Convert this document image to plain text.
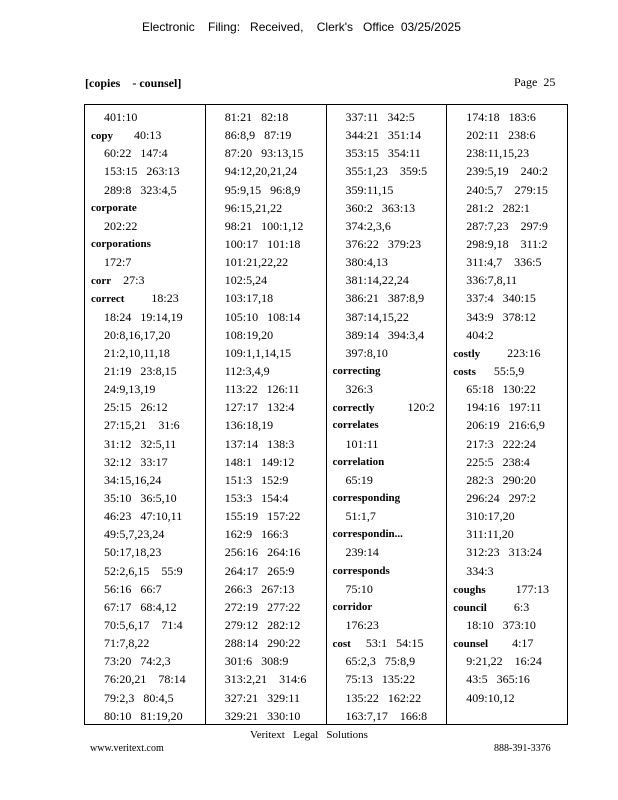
Electronic    Filing:   Received,    Clerk's   Office  03/25/2025
[copies    - counsel]	Page  25
401:10
copy       40:13
60:22   147:4
153:15   263:13
289:8   323:4,5
corporate
202:22
corporations
172:7
corr    27:3
correct         18:23
18:24   19:14,19
20:8,16,17,20
21:2,10,11,18
21:19   23:8,15
24:9,13,19
25:15   26:12
27:15,21    31:6
31:12   32:5,11
32:12   33:17
34:15,16,24
35:10   36:5,10
46:23   47:10,11
49:5,7,23,24
50:17,18,23
52:2,6,15    55:9
56:16   66:7
67:17   68:4,12
70:5,6,17    71:4
71:7,8,22
73:20   74:2,3
76:20,21    78:14
79:2,3   80:4,5
80:10   81:19,20
81:21   82:18
86:8,9   87:19
87:20   93:13,15
94:12,20,21,24
95:9,15   96:8,9
96:15,21,22
98:21   100:1,12
100:17   101:18
101:21,22,22
102:5,24
103:17,18
105:10   108:14
108:19,20
109:1,1,14,15
112:3,4,9
113:22   126:11
127:17   132:4
136:18,19
137:14   138:3
148:1   149:12
151:3   152:9
153:3   154:4
155:19   157:22
162:9   166:3
256:16   264:16
264:17   265:9
266:3   267:13
272:19   277:22
279:12   282:12
288:14   290:22
301:6   308:9
313:2,21    314:6
327:21   329:11
329:21   330:10
337:11   342:5
344:21   351:14
353:15   354:11
355:1,23    359:5
359:11,15
360:2   363:13
374:2,3,6
376:22   379:23
380:4,13
381:14,22,24
386:21   387:8,9
387:14,15,22
389:14   394:3,4
397:8,10
correcting
326:3
correctly           120:2
correlates
101:11
correlation
65:19
corresponding
51:1,7
correspondin...
239:14
corresponds
75:10
corridor
176:23
cost     53:1   54:15
65:2,3   75:8,9
75:13   135:22
135:22   162:22
163:7,17    166:8
174:18   183:6
202:11   238:6
238:11,15,23
239:5,19    240:2
240:5,7    279:15
281:2   282:1
287:7,23    297:9
298:9,18    311:2
311:4,7    336:5
336:7,8,11
337:4   340:15
343:9   378:12
404:2
costly         223:16
costs      55:5,9
65:18   130:22
194:16   197:11
206:19   216:6,9
217:3   222:24
225:5   238:4
282:3   290:20
296:24   297:2
310:17,20
311:11,20
312:23   313:24
334:3
coughs          177:13
council         6:3
18:10   373:10
counsel        4:17
9:21,22    16:24
43:5   365:16
409:10,12
Veritext   Legal   Solutions
www.veritext.com	888-391-3376
